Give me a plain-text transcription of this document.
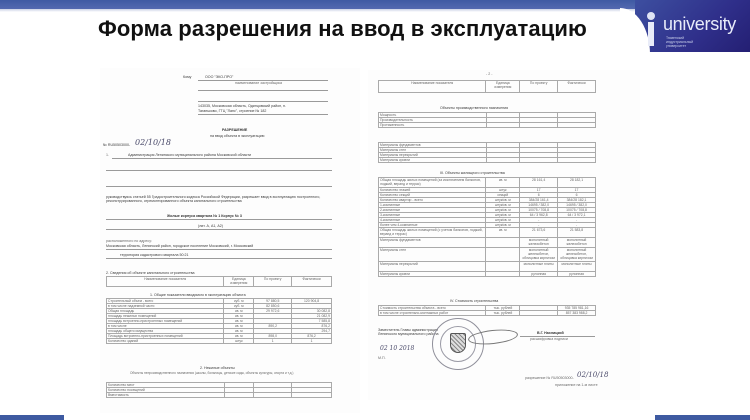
university
Тюменский индустриальный университет
Форма разрешения на ввод в эксплуатацию
Кому	ООО "ЭКО-ПРО"
наименование застройщика
143035, Московская область, Одинцовский район, п.
Таганьково, ГТЦ "Ланс", строение № 182
РАЗРЕШЕНИЕ
на ввод объекта в эксплуатацию
№ RU50503000- 02/10/18
1.	Администрация Ленинского муниципального района Московской области
руководствуясь статьей 55 Градостроительного кодекса Российской Федерации, разрешает ввод в эксплуатацию построенного, реконструированного, отремонтированного объекта капитального строительства
Жилые корпуса квартала № 1 Корпус № 3
(лит. А, А1, А2)
расположенного по адресу:
Московская область, Ленинский район, городское поселение Московский, г. Московский
территория кадастрового квартала 50:21
2. Сведения об объекте капитального строительства
Наименование показателя	Единица измерения	По проекту	Фактически
1. Общие показатели вводимого в эксплуатацию объекта
Строительный объем - всего	куб. м	97 880,5	120 904,8
в том числе надземной части	куб. м	82 850,6	
Общая площадь	кв. м	29 972,6	30 082,8
площадь нежилых помещений	кв. м		21 082,9
площадь встроенно-пристроенных помещений	кв. м		7 585,8
в том числе	кв. м	890,2	876,2
площадь общего имущества	кв. м		294,7
Площадь встроенно-пристроенных помещений	кв. м	898,0	876,2
Количество зданий	штук	1	1
2. Нежилые объекты
Объекты непроизводственного назначения (школы, больницы, детские сады, объекты культуры, спорта и т.д.)
Количество мест			
Количество посещений			
Вместимость			
- 2 -
Наименование показателя	Единица измерения	По проекту	Фактически
Объекты производственного назначения
Мощность			
Производительность			
Протяженность			
Материалы фундаментов			
Материалы стен			
Материалы перекрытий			
Материалы кровли			
III. Объекты жилищного строительства
Общая площадь жилых помещений (за исключением балконов, лоджий, веранд и террас)	кв. м	28 161,4	28 182,1
Количество этажей	штук	17	17
Количество секций	секций	6	6
Количество квартир - всего	штук/кв. м	384/28 161,4	384/28 182,1
1-комнатные	штук/кв. м	14695 / 382,0	14695 / 382,0
2-комнатные	штук/кв. м	10075 / 708,8	10075 / 708,8
3-комнатные	штук/кв. м	64 / 3 962,8	64 / 3 972,1
4-комнатные	штук/кв. м	-	-
более чем 4-комнатные	штук/кв. м	-	-
Общая площадь жилых помещений (с учетом балконов, лоджий, веранд и террас)	кв. м	21 673,6	21 583,8
Материалы фундаментов		монолитный железобетон	монолитный железобетон
Материалы стен		монолитный железобетон, облицовка кирпичом	монолитный железобетон, облицовка кирпичом
Материалы перекрытий		монолитные плиты	монолитные плиты
Материалы кровли		рулонная	рулонная
IV. Стоимость строительства
Стоимость строительства объекта - всего	тыс. рублей		935 785 981,16
в том числе строительно-монтажных работ	тыс. рублей		857 383 988,2
Заместитель Главы администрации Ленинского муниципального района	В.Г. Нахлицкий
расшифровка подписи
02 10 2018
М.П.
разрешение № RU50503000- 02/10/18
приложение на 1-м листе
